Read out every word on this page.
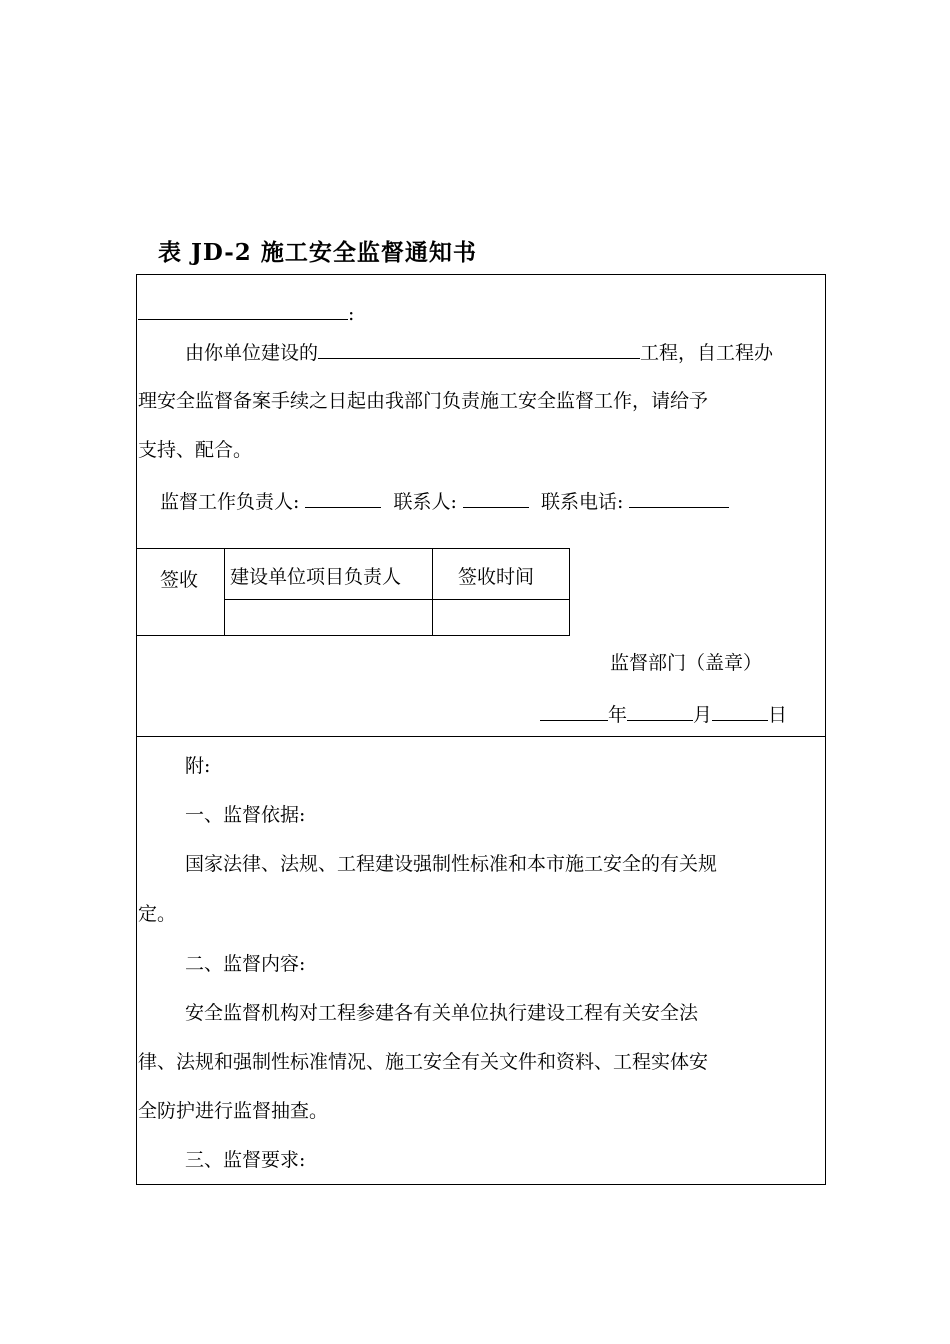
表 JD-2 施工安全监督通知书
:
由你单位建设的	工程，自工程办
理安全监督备案手续之日起由我部门负责施工安全监督工作，请给予
支持、配合。
监督工作负责人:	联系人:	联系电话:
签收 建设单位项目负责人	签收时间
监督部门（盖章）
年	月	日
附:
一、监督依据:
国家法律、法规、工程建设强制性标准和本市施工安全的有关规
定。
二、监督内容:
安全监督机构对工程参建各有关单位执行建设工程有关安全法
律、法规和强制性标准情况、施工安全有关文件和资料、工程实体安
全防护进行监督抽查。
三、监督要求:
